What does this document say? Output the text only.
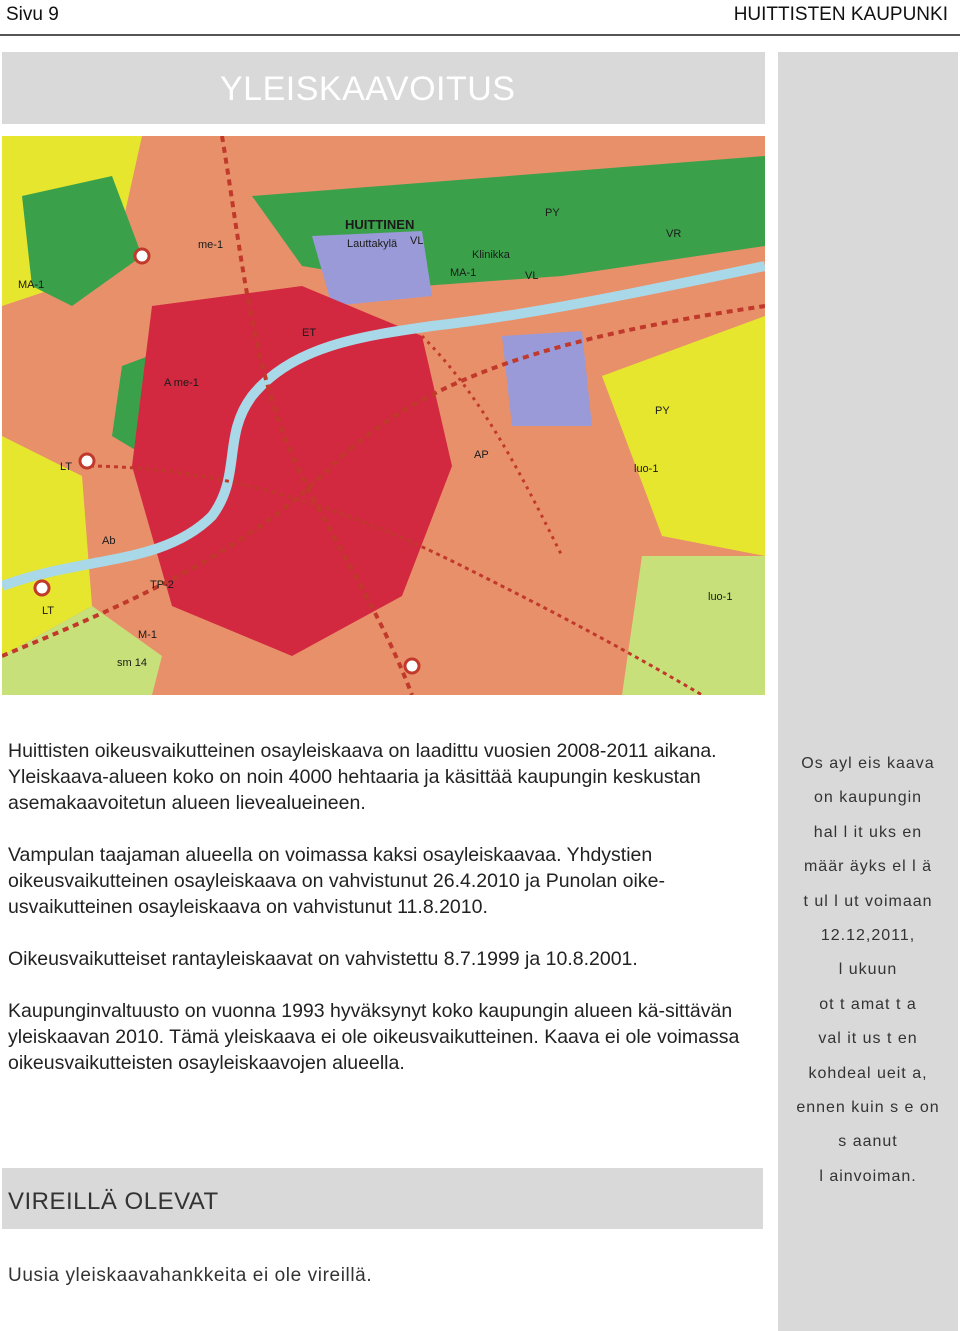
Sivu 9	HUITTISTEN KAUPUNKI
Os ayl eis kaava
on kaupungin
hal l it uks en
määr äyks el l ä
t ul l ut voimaan
12.12,2011,
l ukuun
ot t amat t a
val it us t en
kohdeal ueit a,
ennen kuin s e on
s aanut
l ainvoiman.
YLEISKAAVOITUS
HUITTINEN
LT
LT
PY
PY
VL
VL
VR
MA-1
MA-1
me-1
AP
TP-2
M-1
luo-1
luo-1
sm 14
A me-1
ET
Ab
Klinikka
Lauttakylä

Huittisten oikeusvaikutteinen osayleiskaava on laadittu vuosien 2008-2011 aikana. Yleiskaava-alueen koko on noin 4000 hehtaaria ja käsittää kaupungin keskustan asemakaavoitetun alueen lievealueineen.

Vampulan taajaman alueella on voimassa kaksi osayleiskaavaa. Yhdystien oikeusvaikutteinen osayleiskaava on vahvistunut 26.4.2010 ja Punolan oike-usvaikutteinen osayleiskaava on vahvistunut 11.8.2010.

Oikeusvaikutteiset rantayleiskaavat on vahvistettu 8.7.1999 ja 10.8.2001.

Kaupunginvaltuusto on vuonna 1993 hyväksynyt koko kaupungin alueen kä-sittävän yleiskaavan 2010. Tämä yleiskaava ei ole oikeusvaikutteinen. Kaava ei ole voimassa oikeusvaikutteisten osayleiskaavojen alueella.

VIREILLÄ OLEVAT
Uusia yleiskaavahankkeita ei ole vireillä.
